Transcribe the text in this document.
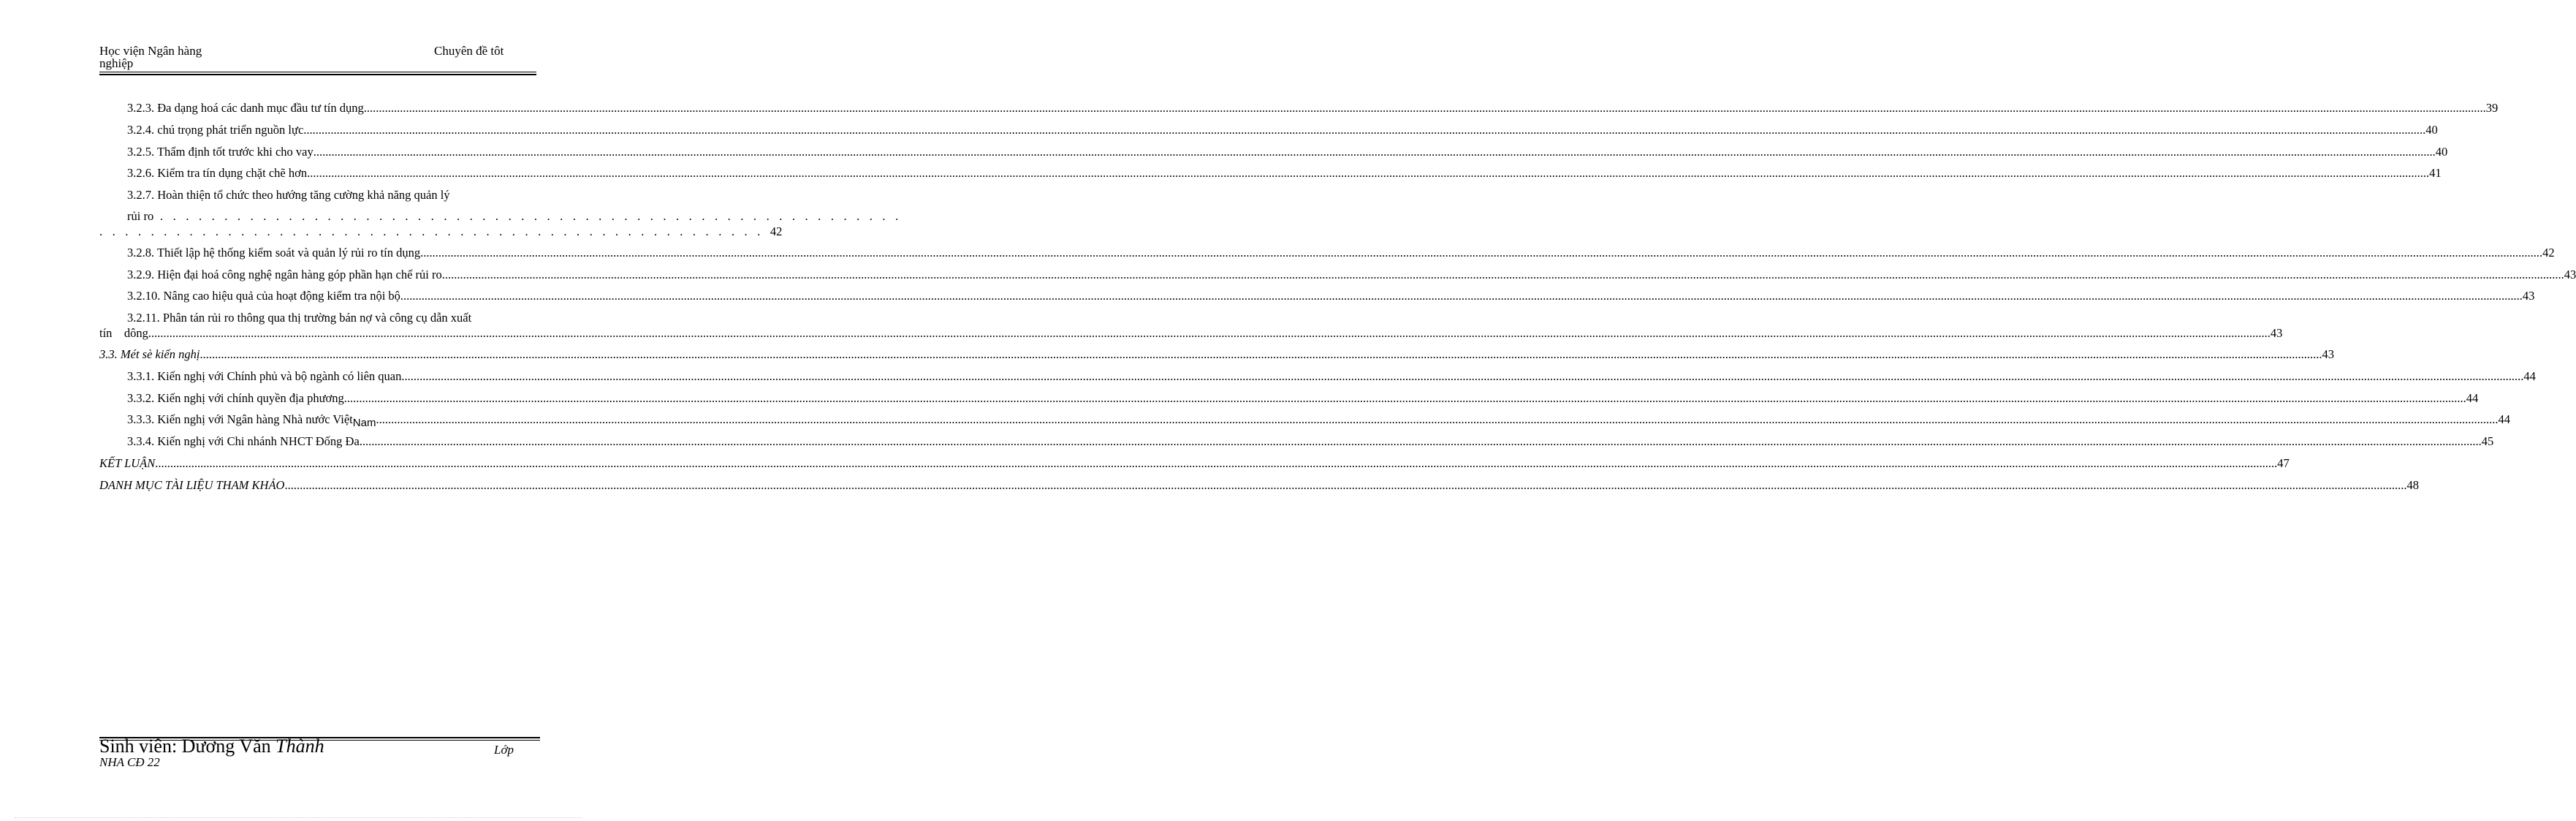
Học viện Ngân hàng
nghiệp
Chuyên đề tôt
3.2.3. Đa dạng hoá các danh mục đầu tư tín dụng .....	39
3.2.4. chú trọng phát triển nguồn lực .....	40
3.2.5. Thẩm định tốt trước khi cho vay .....	40
3.2.6. Kiểm tra tín dụng chặt chẽ hơn .....	41
3.2.7. Hoàn thiện tổ chức theo hướng tăng cường khả năng quản lý
rủi ro . . . . . . . . . . . . . . . . . . . . . . . . . . . . . . . . . . . . . . . . . . . . . . . . . . . . . . . . . .
. . . . . . . . . . . . . . . . . . . . . . . . . . . . . . . . . . . . . . . . . . . . . . . . . . . . 42
3.2.8. Thiết lập hệ thống kiểm soát và quản lý rủi ro tín dụng .....	42
3.2.9. Hiện đại hoá công nghệ ngân hàng góp phần hạn chế rủi ro .....	43
3.2.10. Nâng cao hiệu quả của hoạt động kiểm tra nội bộ .....	43
3.2.11. Phân tán rủi ro thông qua thị trường bán nợ và công cụ dẫn xuất
tín    dông .....	43
3.3. Mét sè kiến nghị .....	43
3.3.1. Kiến nghị với Chính phủ và bộ ngành có liên quan .....	44
3.3.2. Kiến nghị với chính quyền địa phương .....	44
3.3.3. Kiến nghị với Ngân hàng Nhà nước Việt Nam .....	44
3.3.4. Kiến nghị với Chi nhánh NHCT Đống Đa .....	45
KẾT LUẬN .....	47
DANH MỤC TÀI LIỆU THAM KHẢO .....	48
Sinh viên: Dương Văn Thành	Lớp
NHA CĐ 22
